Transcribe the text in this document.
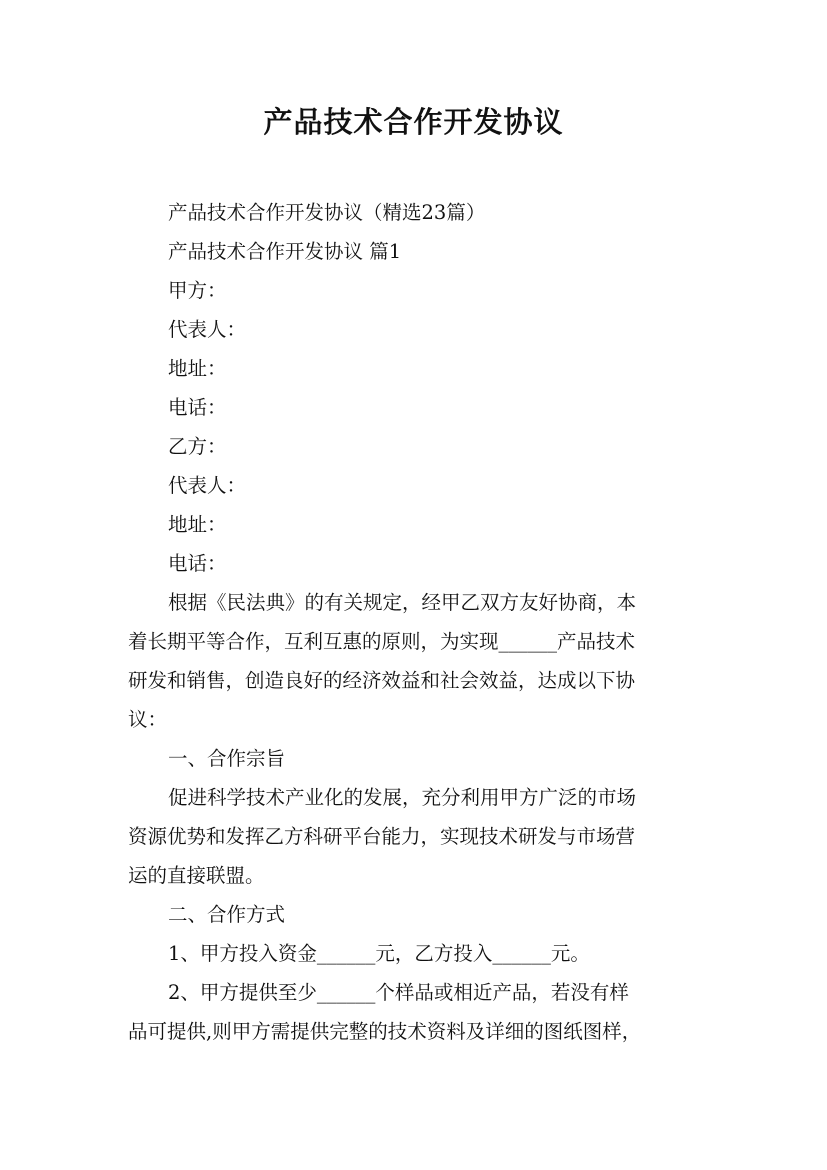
产品技术合作开发协议
产品技术合作开发协议（精选23篇）
产品技术合作开发协议 篇1
甲方：
代表人：
地址：
电话：
乙方：
代表人：
地址：
电话：
根据《民法典》的有关规定，经甲乙双方友好协商，本
着长期平等合作，互利互惠的原则，为实现______产品技术
研发和销售，创造良好的经济效益和社会效益，达成以下协
议：
一、合作宗旨
促进科学技术产业化的发展，充分利用甲方广泛的市场
资源优势和发挥乙方科研平台能力，实现技术研发与市场营
运的直接联盟。
二、合作方式
1、甲方投入资金______元，乙方投入______元。
2、甲方提供至少______个样品或相近产品，若没有样
品可提供,则甲方需提供完整的技术资料及详细的图纸图样，
